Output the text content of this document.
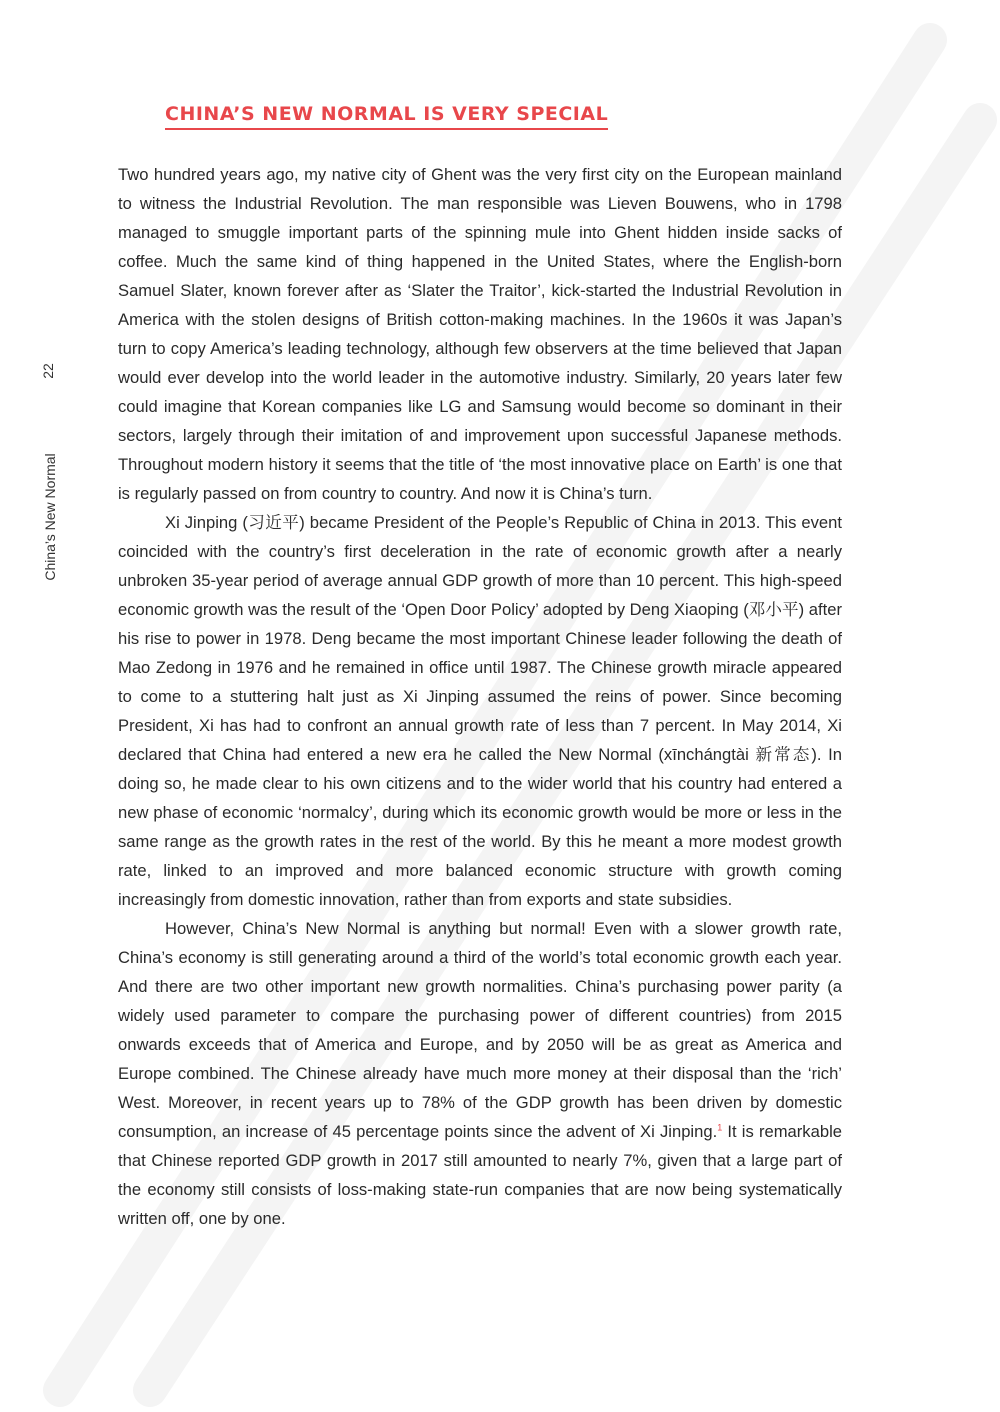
22
China’s New Normal
CHINA’S NEW NORMAL IS VERY SPECIAL

Two hundred years ago, my native city of Ghent was the very first city on the European mainland to witness the Industrial Revolution. The man responsible was Lieven Bouwens, who in 1798 managed to smuggle important parts of the spinning mule into Ghent hidden inside sacks of coffee. Much the same kind of thing happened in the United States, where the English-born Samuel Slater, known forever after as ‘Slater the Traitor’, kick-started the Industrial Revolution in America with the stolen designs of British cotton-making machines. In the 1960s it was Japan’s turn to copy America’s leading technology, although few observers at the time believed that Japan would ever develop into the world leader in the automotive industry. Similarly, 20 years later few could imagine that Korean companies like LG and Samsung would become so dominant in their sectors, largely through their imitation of and improvement upon successful Japanese methods. Throughout modern history it seems that the title of ‘the most innovative place on Earth’ is one that is regularly passed on from country to country. And now it is China’s turn.

Xi Jinping (习近平) became President of the People’s Republic of China in 2013. This event coincided with the country’s first deceleration in the rate of economic growth after a nearly unbroken 35-year period of average annual GDP growth of more than 10 percent. This high-speed economic growth was the result of the ‘Open Door Policy’ adopted by Deng Xiaoping (邓小平) after his rise to power in 1978. Deng became the most important Chinese leader following the death of Mao Zedong in 1976 and he remained in office until 1987. The Chinese growth miracle appeared to come to a stuttering halt just as Xi Jinping assumed the reins of power. Since becoming President, Xi has had to confront an annual growth rate of less than 7 percent. In May 2014, Xi declared that China had entered a new era he called the New Normal (xīnchángtài 新常态). In doing so, he made clear to his own citizens and to the wider world that his country had entered a new phase of economic ‘normalcy’, during which its economic growth would be more or less in the same range as the growth rates in the rest of the world. By this he meant a more modest growth rate, linked to an improved and more balanced economic structure with growth coming increasingly from domestic innovation, rather than from exports and state subsidies.

However, China’s New Normal is anything but normal! Even with a slower growth rate, China’s economy is still generating around a third of the world’s total economic growth each year. And there are two other important new growth normalities. China’s purchasing power parity (a widely used parameter to compare the purchasing power of different countries) from 2015 onwards exceeds that of America and Europe, and by 2050 will be as great as America and Europe combined. The Chinese already have much more money at their disposal than the ‘rich’ West. Moreover, in recent years up to 78% of the GDP growth has been driven by domestic consumption, an increase of 45 percentage points since the advent of Xi Jinping.$^1$ It is remarkable that Chinese reported GDP growth in 2017 still amounted to nearly 7%, given that a large part of the economy still consists of loss-making state-run companies that are now being systematically written off, one by one.
